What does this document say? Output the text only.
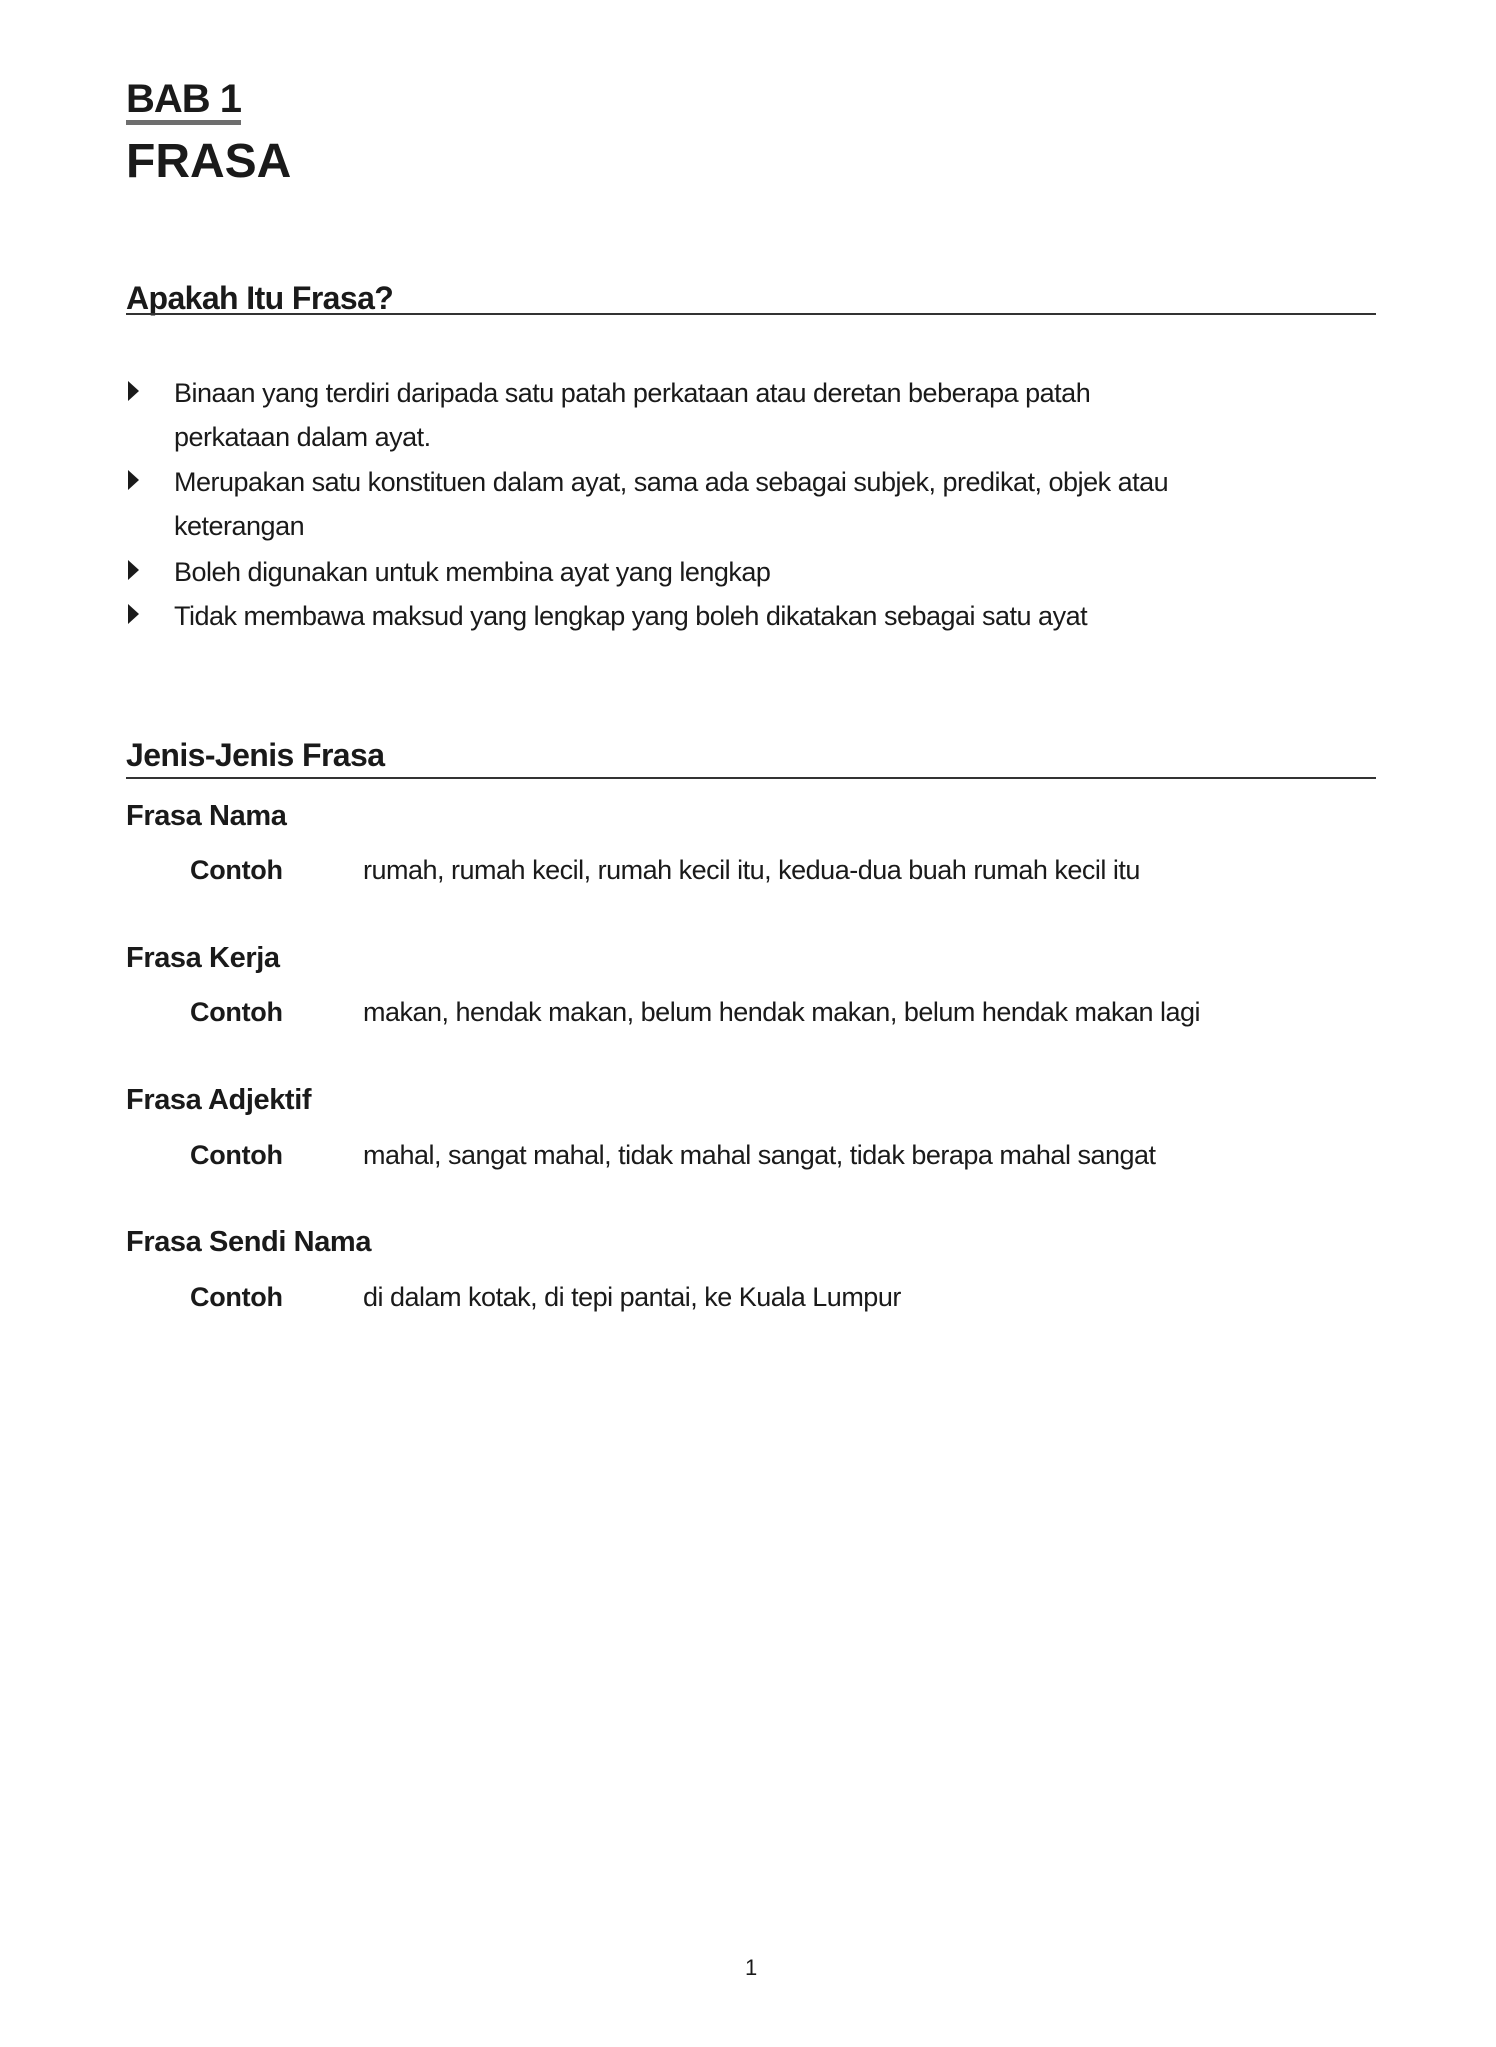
BAB 1
FRASA
Apakah Itu Frasa?
Binaan yang terdiri daripada satu patah perkataan atau deretan beberapa patah
perkataan dalam ayat.
Merupakan satu konstituen dalam ayat, sama ada sebagai subjek, predikat, objek atau
keterangan
Boleh digunakan untuk membina ayat yang lengkap
Tidak membawa maksud yang lengkap yang boleh dikatakan sebagai satu ayat
Jenis-Jenis Frasa
Frasa Nama
Contoh	rumah, rumah kecil, rumah kecil itu, kedua-dua buah rumah kecil itu
Frasa Kerja
Contoh	makan, hendak makan, belum hendak makan, belum hendak makan lagi
Frasa Adjektif
Contoh	mahal, sangat mahal, tidak mahal sangat, tidak berapa mahal sangat
Frasa Sendi Nama
Contoh	di dalam kotak, di tepi pantai, ke Kuala Lumpur
1
